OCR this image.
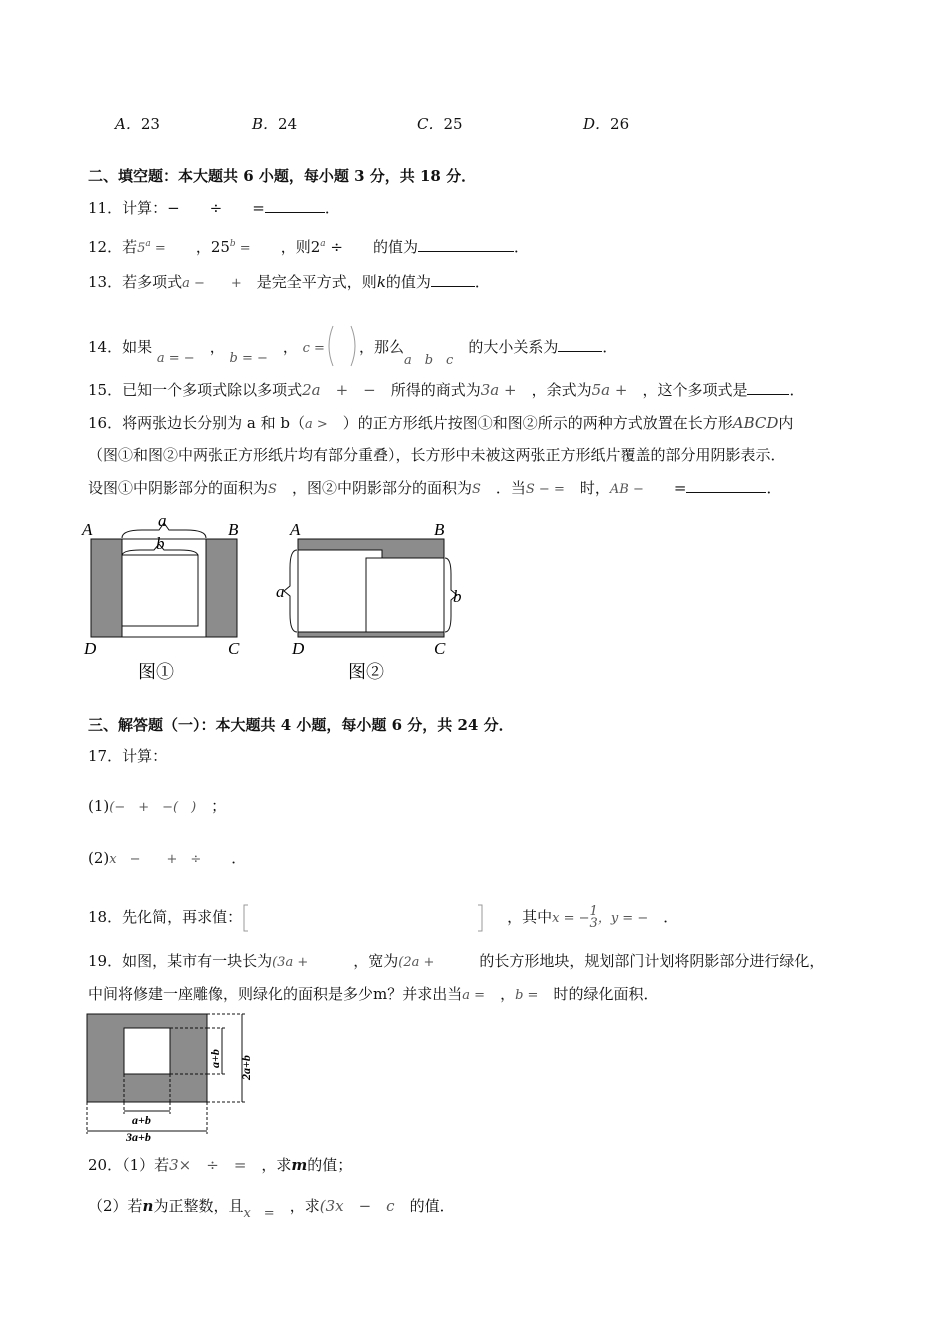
A．23	B．24	C．25	D．26
二、填空题：本大题共 6 小题，每小题 3 分，共 18 分．
11．计算：−　　÷　　=	．
12．若$5^a$ =　　 ，$25^b$ =　　 ，则$2^a$ ÷　　 的值为	．
13．若多项式a −　　+　 是完全平方式，则k的值为	．
14．如果 a = −　， b = −　， c = ，那么a　b　c　的大小关系为	．
15．已知一个多项式除以多项式2a　+　−　 所得的商式为3a +　 ，余式为5a +　 ，这个多项式是	．
16．将两张边长分别为 a 和 b（a >　 ）的正方形纸片按图①和图②所示的两种方式放置在长方形ABCD内
（图①和图②中两张正方形纸片均有部分重叠），长方形中未被这两张正方形纸片覆盖的部分用阴影表示．
设图①中阴影部分的面积为S　 ，图②中阴影部分的面积为S　 ．当S − =　 时，AB −　　 =	．
a
b
A	B
C
D
图①
a	b
A	B
C
D
图②
三、解答题（一）：本大题共 4 小题，每小题 6 分，共 24 分．
17．计算：
(1)(−　+　−(　)　 ；
(2)x　−　　+　÷　　 ．
18．先化简，再求值：　	，其中x = −1
3，y = −　 ．
19．如图，某市有一块长为(3a +　　　	，宽为(2a +　　　	的长方形地块，规划部门计划将阴影部分进行绿化，
中间将修建一座雕像，则绿化的面积是多少m？并求出当a =　 ，b =　 时的绿化面积．
a+b 2a+b
a+b
3a+b
20．（1）若3×　÷　=　 ，求m的值；
（2）若n为正整数，且x　=　 ，求(3x　−　c　 的值．
